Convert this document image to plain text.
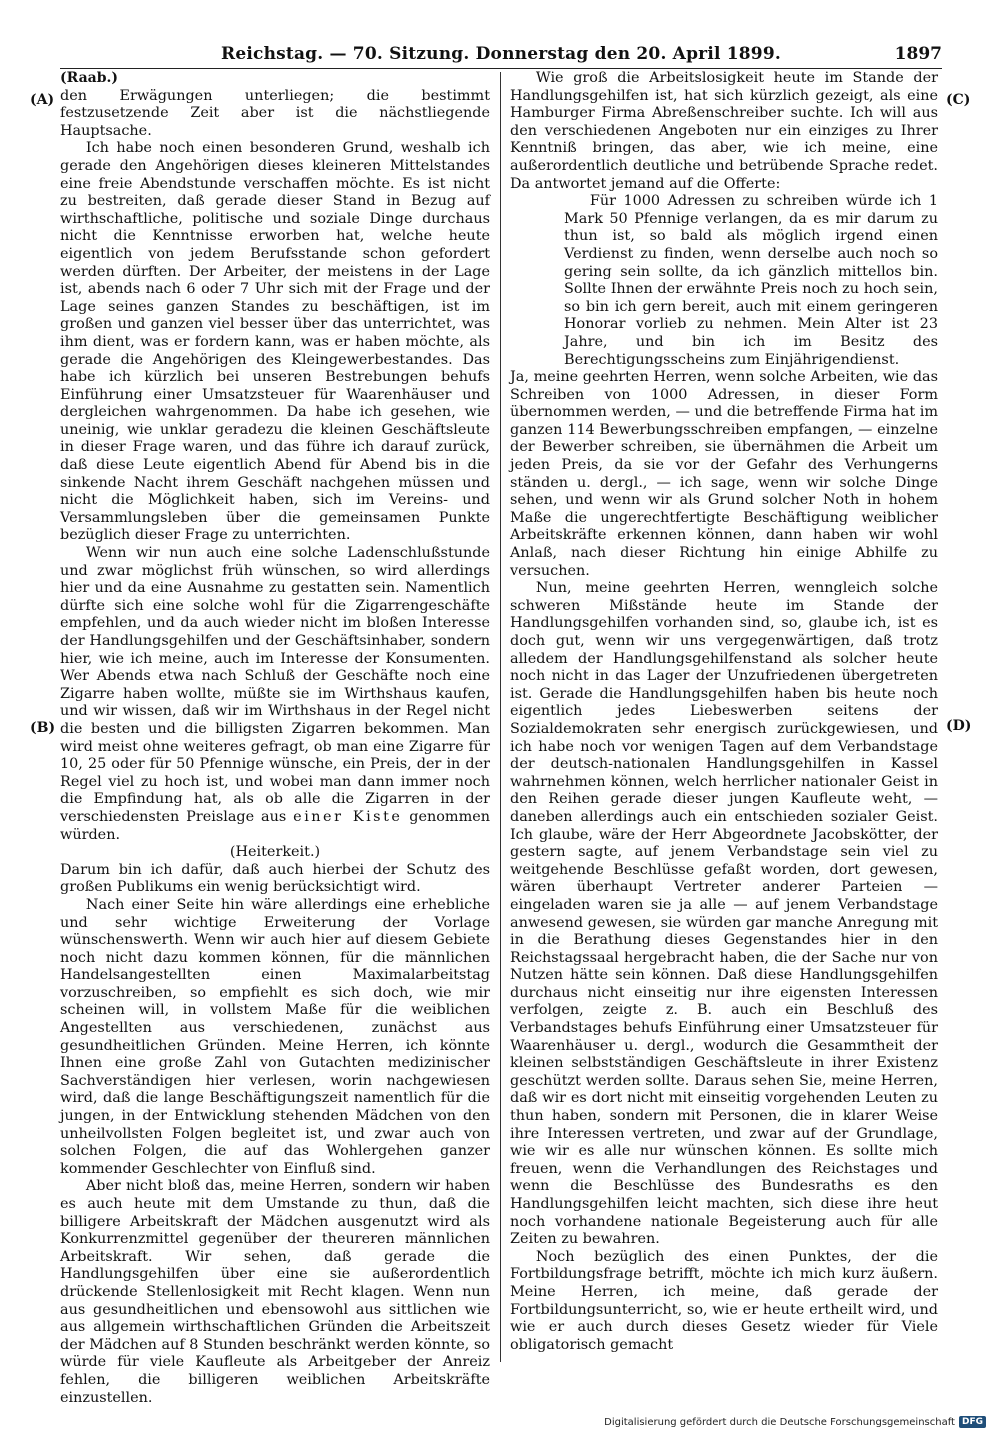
Reichstag. — 70. Sitzung. Donnerstag den 20. April 1899.	1897
(A)
(B)
(C)
(D)

(Raab.)

den Erwägungen unterliegen; die bestimmt festzusetzende Zeit aber ist die nächstliegende Hauptsache.

Ich habe noch einen besonderen Grund, weshalb ich gerade den Angehörigen dieses kleineren Mittelstandes eine freie Abendstunde verschaffen möchte. Es ist nicht zu bestreiten, daß gerade dieser Stand in Bezug auf wirthschaftliche, politische und soziale Dinge durchaus nicht die Kenntnisse erworben hat, welche heute eigentlich von jedem Berufsstande schon gefordert werden dürften. Der Arbeiter, der meistens in der Lage ist, abends nach 6 oder 7 Uhr sich mit der Frage und der Lage seines ganzen Standes zu beschäftigen, ist im großen und ganzen viel besser über das unterrichtet, was ihm dient, was er fordern kann, was er haben möchte, als gerade die Angehörigen des Kleingewerbestandes. Das habe ich kürzlich bei unseren Bestrebungen behufs Einführung einer Umsatzsteuer für Waarenhäuser und dergleichen wahrgenommen. Da habe ich gesehen, wie uneinig, wie unklar geradezu die kleinen Geschäftsleute in dieser Frage waren, und das führe ich darauf zurück, daß diese Leute eigentlich Abend für Abend bis in die sinkende Nacht ihrem Geschäft nachgehen müssen und nicht die Möglichkeit haben, sich im Vereins- und Versammlungsleben über die gemeinsamen Punkte bezüglich dieser Frage zu unterrichten.

Wenn wir nun auch eine solche Ladenschlußstunde und zwar möglichst früh wünschen, so wird allerdings hier und da eine Ausnahme zu gestatten sein. Namentlich dürfte sich eine solche wohl für die Zigarrengeschäfte empfehlen, und da auch wieder nicht im bloßen Interesse der Handlungsgehilfen und der Geschäftsinhaber, sondern hier, wie ich meine, auch im Interesse der Konsumenten. Wer Abends etwa nach Schluß der Geschäfte noch eine Zigarre haben wollte, müßte sie im Wirthshaus kaufen, und wir wissen, daß wir im Wirthshaus in der Regel nicht die besten und die billigsten Zigarren bekommen. Man wird meist ohne weiteres gefragt, ob man eine Zigarre für 10, 25 oder für 50 Pfennige wünsche, ein Preis, der in der Regel viel zu hoch ist, und wobei man dann immer noch die Empfindung hat, als ob alle die Zigarren in der verschiedensten Preislage aus einer Kiste genommen würden.

(Heiterkeit.)

Darum bin ich dafür, daß auch hierbei der Schutz des großen Publikums ein wenig berücksichtigt wird.

Nach einer Seite hin wäre allerdings eine erhebliche und sehr wichtige Erweiterung der Vorlage wünschenswerth. Wenn wir auch hier auf diesem Gebiete noch nicht dazu kommen können, für die männlichen Handelsangestellten einen Maximalarbeitstag vorzuschreiben, so empfiehlt es sich doch, wie mir scheinen will, in vollstem Maße für die weiblichen Angestellten aus verschiedenen, zunächst aus gesundheitlichen Gründen. Meine Herren, ich könnte Ihnen eine große Zahl von Gutachten medizinischer Sachverständigen hier verlesen, worin nachgewiesen wird, daß die lange Beschäftigungszeit namentlich für die jungen, in der Entwicklung stehenden Mädchen von den unheilvollsten Folgen begleitet ist, und zwar auch von solchen Folgen, die auf das Wohlergehen ganzer kommender Geschlechter von Einfluß sind.

Aber nicht bloß das, meine Herren, sondern wir haben es auch heute mit dem Umstande zu thun, daß die billigere Arbeitskraft der Mädchen ausgenutzt wird als Konkurrenzmittel gegenüber der theureren männlichen Arbeitskraft. Wir sehen, daß gerade die Handlungsgehilfen über eine sie außerordentlich drückende Stellenlosigkeit mit Recht klagen. Wenn nun aus gesundheitlichen und ebensowohl aus sittlichen wie aus allgemein wirthschaftlichen Gründen die Arbeitszeit der Mädchen auf 8 Stunden beschränkt werden könnte, so würde für viele Kaufleute als Arbeitgeber der Anreiz fehlen, die billigeren weiblichen Arbeitskräfte einzustellen.

Wie groß die Arbeitslosigkeit heute im Stande der Handlungsgehilfen ist, hat sich kürzlich gezeigt, als eine Hamburger Firma Abreßenschreiber suchte. Ich will aus den verschiedenen Angeboten nur ein einziges zu Ihrer Kenntniß bringen, das aber, wie ich meine, eine außerordentlich deutliche und betrübende Sprache redet. Da antwortet jemand auf die Offerte:

Für 1000 Adressen zu schreiben würde ich 1 Mark 50 Pfennige verlangen, da es mir darum zu thun ist, so bald als möglich irgend einen Verdienst zu finden, wenn derselbe auch noch so gering sein sollte, da ich gänzlich mittellos bin. Sollte Ihnen der erwähnte Preis noch zu hoch sein, so bin ich gern bereit, auch mit einem geringeren Honorar vorlieb zu nehmen. Mein Alter ist 23 Jahre, und bin ich im Besitz des Berechtigungsscheins zum Einjährigendienst.

Ja, meine geehrten Herren, wenn solche Arbeiten, wie das Schreiben von 1000 Adressen, in dieser Form übernommen werden, — und die betreffende Firma hat im ganzen 114 Bewerbungsschreiben empfangen, — einzelne der Bewerber schreiben, sie übernähmen die Arbeit um jeden Preis, da sie vor der Gefahr des Verhungerns ständen u. dergl., — ich sage, wenn wir solche Dinge sehen, und wenn wir als Grund solcher Noth in hohem Maße die ungerechtfertigte Beschäftigung weiblicher Arbeitskräfte erkennen können, dann haben wir wohl Anlaß, nach dieser Richtung hin einige Abhilfe zu versuchen.

Nun, meine geehrten Herren, wenngleich solche schweren Mißstände heute im Stande der Handlungsgehilfen vorhanden sind, so, glaube ich, ist es doch gut, wenn wir uns vergegenwärtigen, daß trotz alledem der Handlungsgehilfenstand als solcher heute noch nicht in das Lager der Unzufriedenen übergetreten ist. Gerade die Handlungsgehilfen haben bis heute noch eigentlich jedes Liebeswerben seitens der Sozialdemokraten sehr energisch zurückgewiesen, und ich habe noch vor wenigen Tagen auf dem Verbandstage der deutsch-nationalen Handlungsgehilfen in Kassel wahrnehmen können, welch herrlicher nationaler Geist in den Reihen gerade dieser jungen Kaufleute weht, — daneben allerdings auch ein entschieden sozialer Geist. Ich glaube, wäre der Herr Abgeordnete Jacobskötter, der gestern sagte, auf jenem Verbandstage sein viel zu weitgehende Beschlüsse gefaßt worden, dort gewesen, wären überhaupt Vertreter anderer Parteien — eingeladen waren sie ja alle — auf jenem Verbandstage anwesend gewesen, sie würden gar manche Anregung mit in die Berathung dieses Gegenstandes hier in den Reichstagssaal hergebracht haben, die der Sache nur von Nutzen hätte sein können. Daß diese Handlungsgehilfen durchaus nicht einseitig nur ihre eigensten Interessen verfolgen, zeigte z. B. auch ein Beschluß des Verbandstages behufs Einführung einer Umsatzsteuer für Waarenhäuser u. dergl., wodurch die Gesammtheit der kleinen selbstständigen Geschäftsleute in ihrer Existenz geschützt werden sollte. Daraus sehen Sie, meine Herren, daß wir es dort nicht mit einseitig vorgehenden Leuten zu thun haben, sondern mit Personen, die in klarer Weise ihre Interessen vertreten, und zwar auf der Grundlage, wie wir es alle nur wünschen können. Es sollte mich freuen, wenn die Verhandlungen des Reichstages und wenn die Beschlüsse des Bundesraths es den Handlungsgehilfen leicht machten, sich diese ihre heut noch vorhandene nationale Begeisterung auch für alle Zeiten zu bewahren.

Noch bezüglich des einen Punktes, der die Fortbildungsfrage betrifft, möchte ich mich kurz äußern. Meine Herren, ich meine, daß gerade der Fortbildungsunterricht, so, wie er heute ertheilt wird, und wie er auch durch dieses Gesetz wieder für Viele obligatorisch gemacht

Digitalisierung gefördert durch die Deutsche Forschungsgemeinschaft DFG
